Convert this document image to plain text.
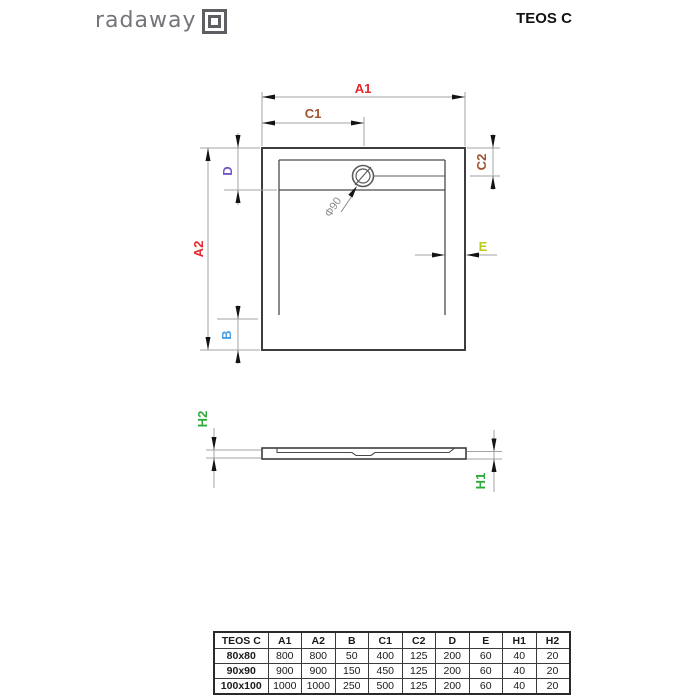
radaway	TEOS C
A1
C1
C2
D
A2
B
E
Φ90
H2
H1
TEOS C	A1	A2	B	C1	C2	D	E	H1	H2
80x80	800	800	50	400	125	200	60	40	20
90x90	900	900	150	450	125	200	60	40	20
100x100	1000	1000	250	500	125	200	60	40	20
